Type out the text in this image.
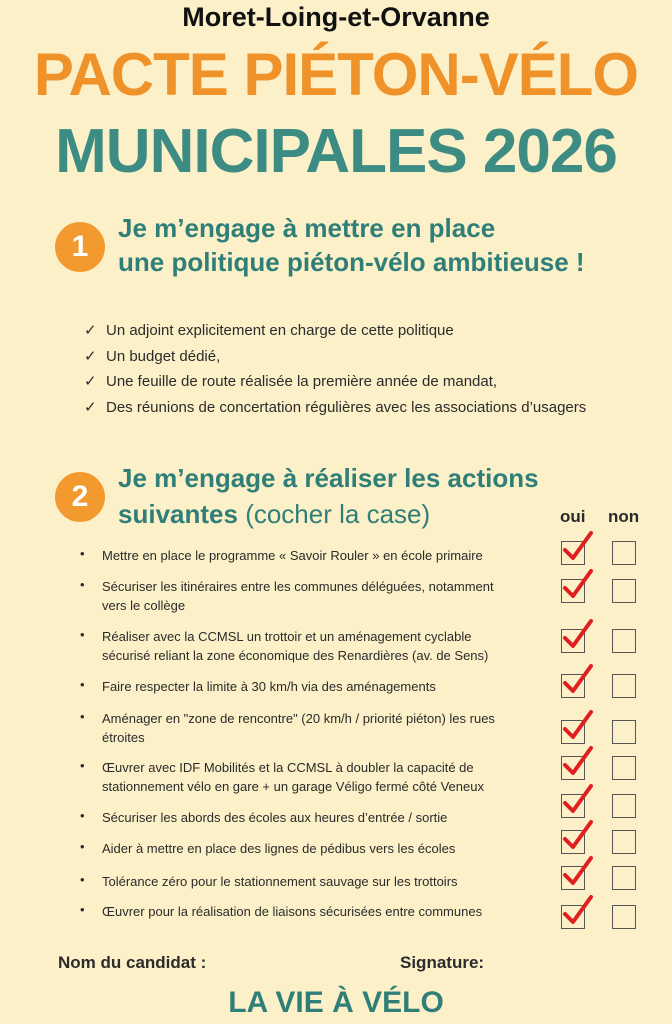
Moret-Loing-et-Orvanne
PACTE PIÉTON-VÉLO
MUNICIPALES 2026
1
Je m’engage à mettre en place
une politique piéton-vélo ambitieuse !
✓ Un adjoint explicitement en charge de cette politique
✓ Un budget dédié,
✓ Une feuille de route réalisée la première année de mandat,
✓ Des réunions de concertation régulières avec les associations d’usagers
2
Je m’engage à réaliser les actions
suivantes (cocher la case)	oui non
• Mettre en place le programme « Savoir Rouler » en école primaire
• Sécuriser les itinéraires entre les communes déléguées, notamment
vers le collège
• Réaliser avec la CCMSL un trottoir et un aménagement cyclable
sécurisé reliant la zone économique des Renardières (av. de Sens)
• Faire respecter la limite à 30 km/h via des aménagements
• Aménager en "zone de rencontre" (20 km/h / priorité piéton) les rues
étroites
• Œuvrer avec IDF Mobilités et la CCMSL à doubler la capacité de
stationnement vélo en gare + un garage Véligo fermé côté Veneux
• Sécuriser les abords des écoles aux heures d’entrée / sortie
• Aider à mettre en place des lignes de pédibus vers les écoles
• Tolérance zéro pour le stationnement sauvage sur les trottoirs
• Œuvrer pour la réalisation de liaisons sécurisées entre communes
Nom du candidat :	Signature:
LA VIE À VÉLO
